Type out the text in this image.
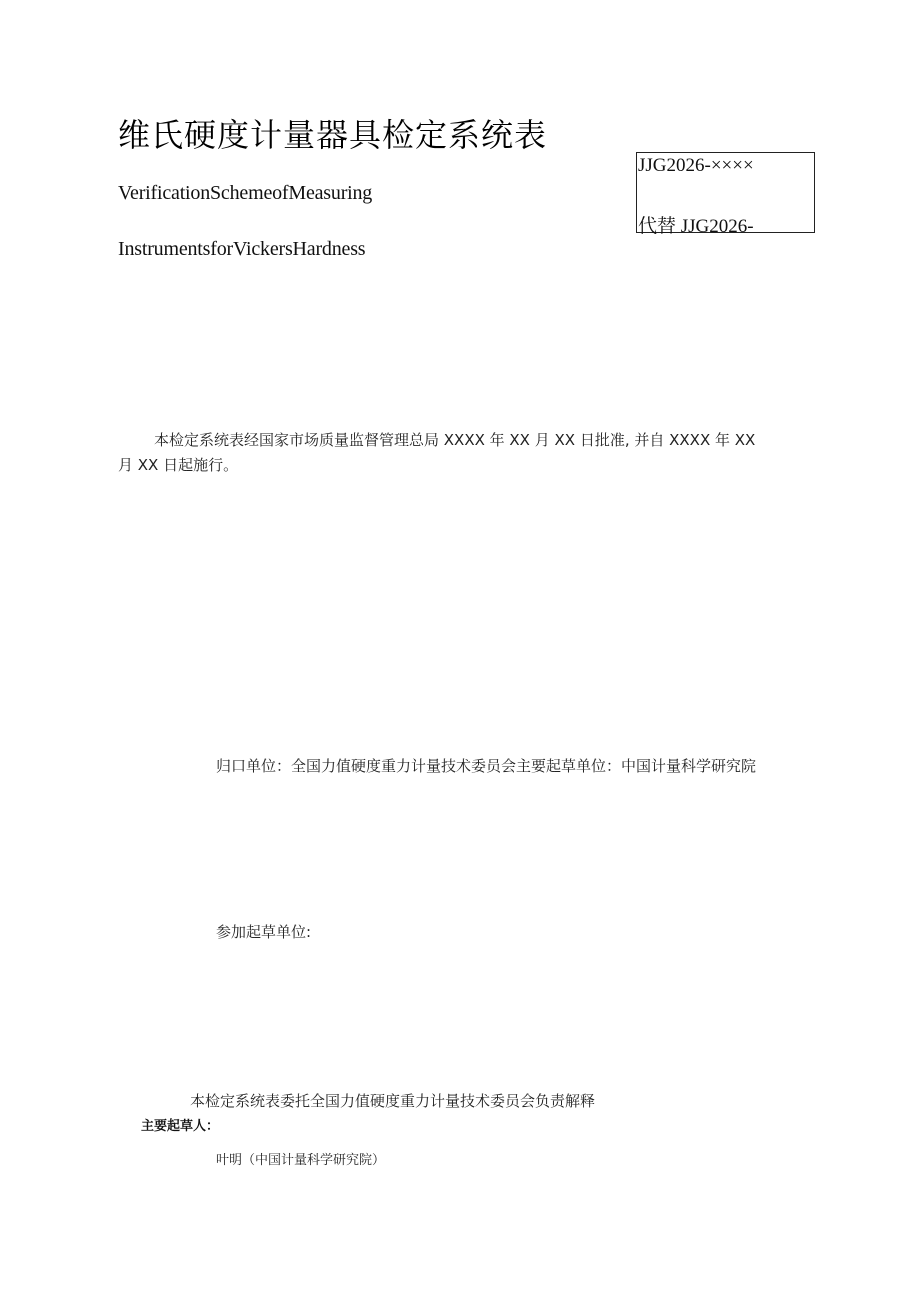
维氏硬度计量器具检定系统表
VerificationSchemeofMeasuring
InstrumentsforVickersHardness
JJG2026-××××
代替 JJG2026-
本检定系统表经国家市场质量监督管理总局 XXXX 年 XX 月 XX 日批准, 并自 XXXX 年 XX 月 XX 日起施行。
归口单位：全国力值硬度重力计量技术委员会主要起草单位：中国计量科学研究院
参加起草单位:
本检定系统表委托全国力值硬度重力计量技术委员会负责解释
主要起草人：
叶明（中国计量科学研究院）
